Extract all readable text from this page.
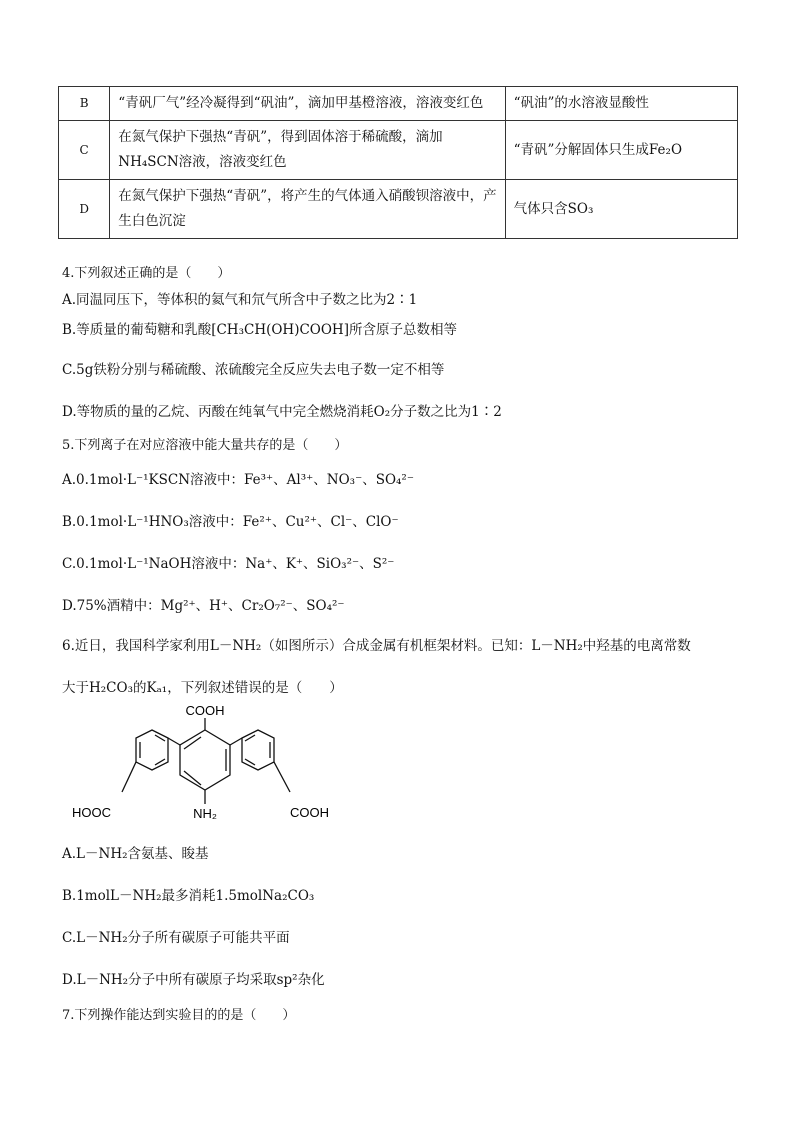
B	“青矾厂气”经冷凝得到“矾油”，滴加甲基橙溶液，溶液变红色	“矾油”的水溶液显酸性
C	在氮气保护下强热“青矾”，得到固体溶于稀硫酸，滴加NH₄SCN溶液，溶液变红色	“青矾”分解固体只生成Fe₂O
D	在氮气保护下强热“青矾”，将产生的气体通入硝酸钡溶液中，产生白色沉淀	气体只含SO₃
4.下列叙述正确的是（　　）
A.同温同压下，等体积的氦气和氘气所含中子数之比为2∶1
B.等质量的葡萄糖和乳酸[CH₃CH(OH)COOH]所含原子总数相等
C.5g铁粉分别与稀硫酸、浓硫酸完全反应失去电子数一定不相等
D.等物质的量的乙烷、丙酸在纯氧气中完全燃烧消耗O₂分子数之比为1∶2
5.下列离子在对应溶液中能大量共存的是（　　）
A.0.1mol·L⁻¹KSCN溶液中：Fe³⁺、Al³⁺、NO₃⁻、SO₄²⁻
B.0.1mol·L⁻¹HNO₃溶液中：Fe²⁺、Cu²⁺、Cl⁻、ClO⁻
C.0.1mol·L⁻¹NaOH溶液中：Na⁺、K⁺、SiO₃²⁻、S²⁻
D.75%酒精中：Mg²⁺、H⁺、Cr₂O₇²⁻、SO₄²⁻
6.近日，我国科学家利用L－NH₂（如图所示）合成金属有机框架材料。已知：L－NH₂中羟基的电离常数
大于H₂CO₃的Kₐ₁，下列叙述错误的是（　　）
COOH
HOOC	COOH
NH₂
A.L－NH₂含氨基、睃基
B.1molL－NH₂最多消耗1.5molNa₂CO₃
C.L－NH₂分子所有碳原子可能共平面
D.L－NH₂分子中所有碳原子均采取sp²杂化
7.下列操作能达到实验目的的是（　　）
